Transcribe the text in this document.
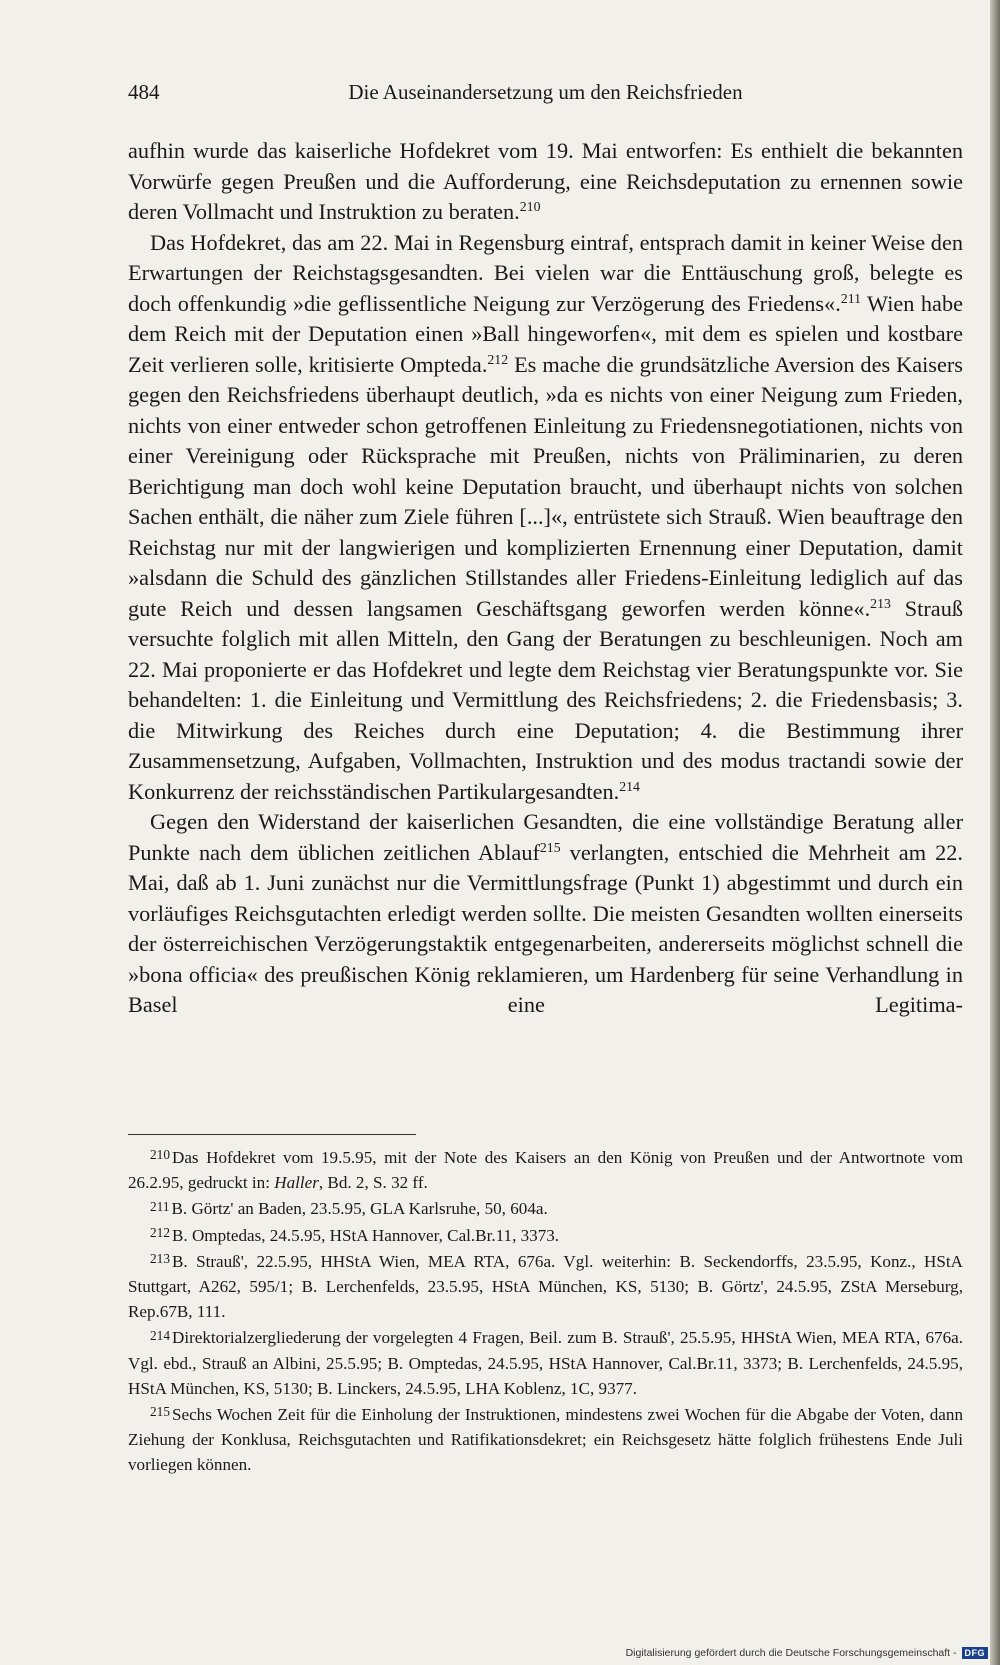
484	Die Auseinandersetzung um den Reichsfrieden

aufhin wurde das kaiserliche Hofdekret vom 19. Mai entworfen: Es enthielt die bekannten Vorwürfe gegen Preußen und die Aufforderung, eine Reichsdeputation zu ernennen sowie deren Vollmacht und Instruktion zu beraten.$^{210}$

Das Hofdekret, das am 22. Mai in Regensburg eintraf, entsprach damit in keiner Weise den Erwartungen der Reichstagsgesandten. Bei vielen war die Enttäuschung groß, belegte es doch offenkundig »die geflissentliche Neigung zur Verzögerung des Friedens«.$^{211}$ Wien habe dem Reich mit der Deputation einen »Ball hingeworfen«, mit dem es spielen und kostbare Zeit verlieren solle, kritisierte Ompteda.$^{212}$ Es mache die grundsätzliche Aversion des Kaisers gegen den Reichsfriedens überhaupt deutlich, »da es nichts von einer Neigung zum Frieden, nichts von einer entweder schon getroffenen Einleitung zu Friedensnegotiationen, nichts von einer Vereinigung oder Rücksprache mit Preußen, nichts von Präliminarien, zu deren Berichtigung man doch wohl keine Deputation braucht, und überhaupt nichts von solchen Sachen enthält, die näher zum Ziele führen [...]«, entrüstete sich Strauß. Wien beauftrage den Reichstag nur mit der langwierigen und komplizierten Ernennung einer Deputation, damit »alsdann die Schuld des gänzlichen Stillstandes aller Friedens-Einleitung lediglich auf das gute Reich und dessen langsamen Geschäftsgang geworfen werden könne«.$^{213}$ Strauß versuchte folglich mit allen Mitteln, den Gang der Beratungen zu beschleunigen. Noch am 22. Mai proponierte er das Hofdekret und legte dem Reichstag vier Beratungspunkte vor. Sie behandelten: 1. die Einleitung und Vermittlung des Reichsfriedens; 2. die Friedensbasis; 3. die Mitwirkung des Reiches durch eine Deputation; 4. die Bestimmung ihrer Zusammensetzung, Aufgaben, Vollmachten, Instruktion und des modus tractandi sowie der Konkurrenz der reichsständischen Partikulargesandten.$^{214}$

Gegen den Widerstand der kaiserlichen Gesandten, die eine vollständige Beratung aller Punkte nach dem üblichen zeitlichen Ablauf$^{215}$ verlangten, entschied die Mehrheit am 22. Mai, daß ab 1. Juni zunächst nur die Vermittlungsfrage (Punkt 1) abgestimmt und durch ein vorläufiges Reichsgutachten erledigt werden sollte. Die meisten Gesandten wollten einerseits der österreichischen Verzögerungstaktik entgegenarbeiten, andererseits möglichst schnell die »bona officia« des preußischen König reklamieren, um Hardenberg für seine Verhandlung in Basel eine Legitima-

$^{210}$ Das Hofdekret vom 19.5.95, mit der Note des Kaisers an den König von Preußen und der Antwortnote vom 26.2.95, gedruckt in: Haller, Bd. 2, S. 32 ff.

$^{211}$ B. Görtz' an Baden, 23.5.95, GLA Karlsruhe, 50, 604a.

$^{212}$ B. Omptedas, 24.5.95, HStA Hannover, Cal.Br.11, 3373.

$^{213}$ B. Strauß', 22.5.95, HHStA Wien, MEA RTA, 676a. Vgl. weiterhin: B. Seckendorffs, 23.5.95, Konz., HStA Stuttgart, A262, 595/1; B. Lerchenfelds, 23.5.95, HStA München, KS, 5130; B. Görtz', 24.5.95, ZStA Merseburg, Rep.67B, 111.

$^{214}$ Direktorialzergliederung der vorgelegten 4 Fragen, Beil. zum B. Strauß', 25.5.95, HHStA Wien, MEA RTA, 676a. Vgl. ebd., Strauß an Albini, 25.5.95; B. Omptedas, 24.5.95, HStA Hannover, Cal.Br.11, 3373; B. Lerchenfelds, 24.5.95, HStA München, KS, 5130; B. Linckers, 24.5.95, LHA Koblenz, 1C, 9377.

$^{215}$ Sechs Wochen Zeit für die Einholung der Instruktionen, mindestens zwei Wochen für die Abgabe der Voten, dann Ziehung der Konklusa, Reichsgutachten und Ratifikationsdekret; ein Reichsgesetz hätte folglich frühestens Ende Juli vorliegen können.

Digitalisierung gefördert durch die Deutsche Forschungsgemeinschaft - DFG
